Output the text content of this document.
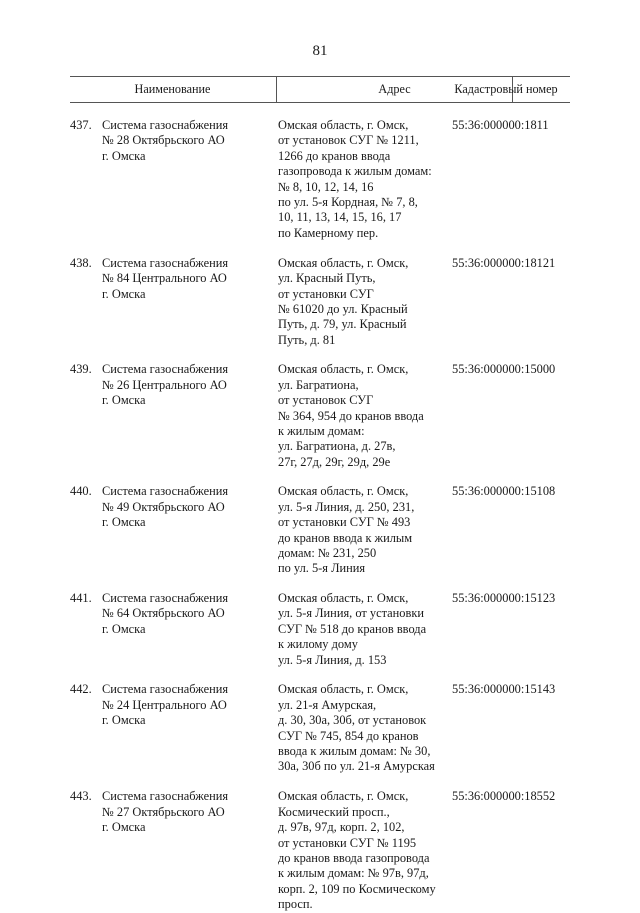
81
Наименование	Адрес	Кадастровый номер
437. Система газоснабжения
№ 28 Октябрьского АО
г. Омска
Омская область, г. Омск,
от установок СУГ № 1211,
1266 до кранов ввода
газопровода к жилым домам:
№ 8, 10, 12, 14, 16
по ул. 5-я Кордная, № 7, 8,
10, 11, 13, 14, 15, 16, 17
по Камерному пер.
55:36:000000:1811
438. Система газоснабжения
№ 84 Центрального АО
г. Омска
Омская область, г. Омск,
ул. Красный Путь,
от установки СУГ
№ 61020 до ул. Красный
Путь, д. 79, ул. Красный
Путь, д. 81
55:36:000000:18121
439. Система газоснабжения
№ 26 Центрального АО
г. Омска
Омская область, г. Омск,
ул. Багратиона,
от установок СУГ
№ 364, 954 до кранов ввода
к жилым домам:
ул. Багратиона, д. 27в,
27г, 27д, 29г, 29д, 29е
55:36:000000:15000
440. Система газоснабжения
№ 49 Октябрьского АО
г. Омска
Омская область, г. Омск,
ул. 5-я Линия, д. 250, 231,
от установки СУГ № 493
до кранов ввода к жилым
домам: № 231, 250
по ул. 5-я Линия
55:36:000000:15108
441. Система газоснабжения
№ 64 Октябрьского АО
г. Омска
Омская область, г. Омск,
ул. 5-я Линия, от установки
СУГ № 518 до кранов ввода
к жилому дому
ул. 5-я Линия, д. 153
55:36:000000:15123
442. Система газоснабжения
№ 24 Центрального АО
г. Омска
Омская область, г. Омск,
ул. 21-я Амурская,
д. 30, 30а, 30б, от установок
СУГ № 745, 854 до кранов
ввода к жилым домам: № 30,
30а, 30б по ул. 21-я Амурская
55:36:000000:15143
443. Система газоснабжения
№ 27 Октябрьского АО
г. Омска
Омская область, г. Омск,
Космический просп.,
д. 97в, 97д, корп. 2, 102,
от установки СУГ № 1195
до кранов ввода газопровода
к жилым домам: № 97в, 97д,
корп. 2, 109 по Космическому
просп.
55:36:000000:18552
